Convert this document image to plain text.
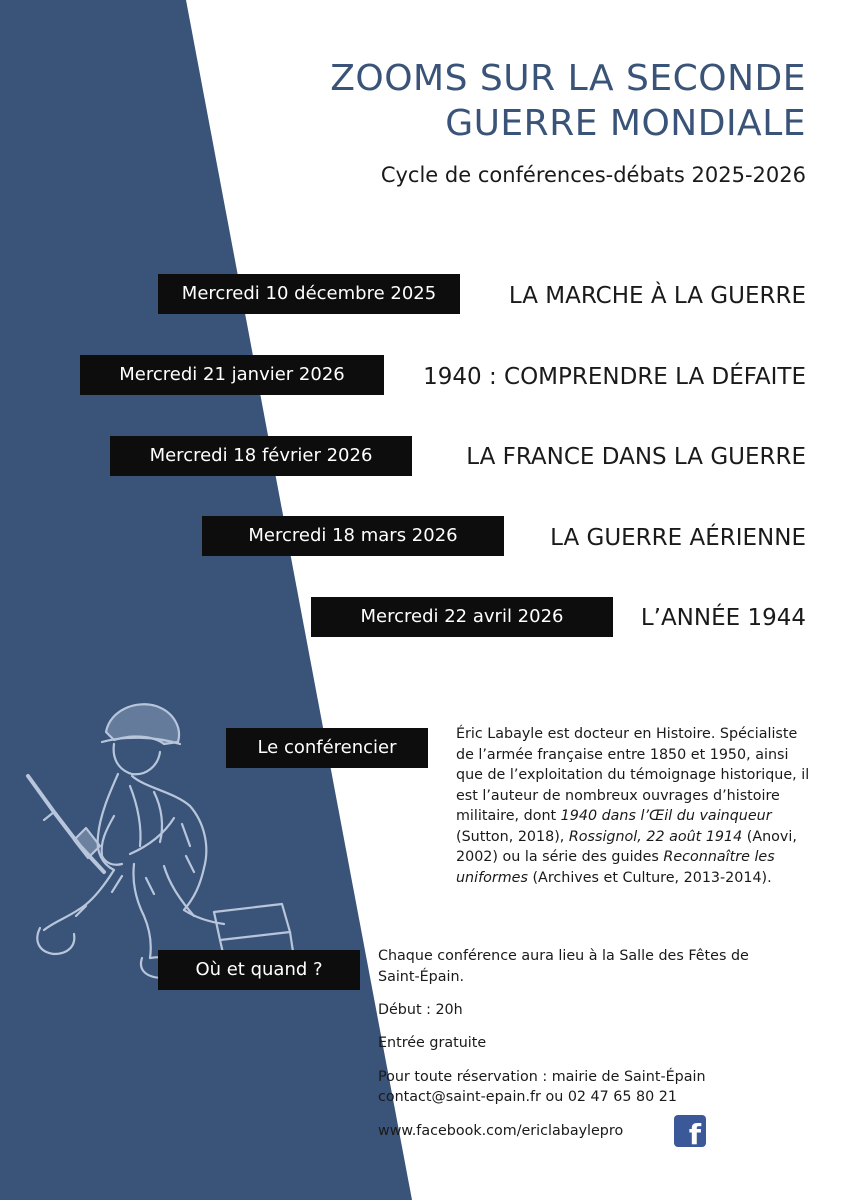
ZOOMS SUR LA SECONDE
GUERRE MONDIALE
Cycle de conférences-débats 2025-2026
Mercredi 10 décembre 2025	LA MARCHE À LA GUERRE
Mercredi 21 janvier 2026	1940 : COMPRENDRE LA DÉFAITE
Mercredi 18 février 2026	LA FRANCE DANS LA GUERRE
Mercredi 18 mars 2026	LA GUERRE AÉRIENNE
Mercredi 22 avril 2026	L’ANNÉE 1944
Le conférencier

Éric Labayle est docteur en Histoire. Spécialiste de l’armée française entre 1850 et 1950, ainsi que de l’exploitation du témoignage historique, il est l’auteur de nombreux ouvrages d’histoire militaire, dont 1940 dans l’Œil du vainqueur (Sutton, 2018), Rossignol, 22 août 1914 (Anovi, 2002) ou la série des guides Reconnaître les uniformes (Archives et Culture, 2013-2014).

Où et quand ?
Chaque conférence aura lieu à la Salle des Fêtes de Saint-Épain.
Début : 20h
Entrée gratuite
Pour toute réservation : mairie de Saint-Épain
contact@saint-epain.fr ou 02 47 65 80 21
www.facebook.com/ericlabaylepro	f
